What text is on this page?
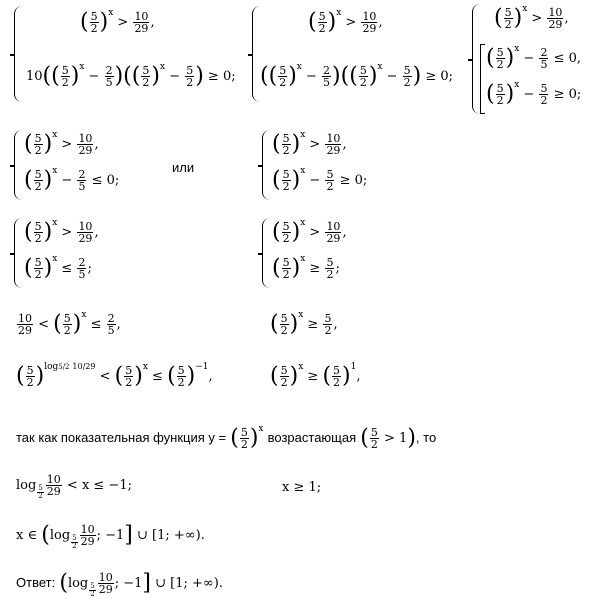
( $\frac{5}{2} )^x > \frac{10}{29}$ ,
$10(( \frac{5}{2} )^x - \frac{2}{5}$ )(( $\frac{5}{2} )^x - \frac{5}{2}$ ) ≥ 0;
( $\frac{5}{2} )^x > \frac{10}{29}$ ,
(( $\frac{5}{2} )^x - \frac{2}{5}$ )(( $\frac{5}{2} )^x - \frac{5}{2}$ ) ≥ 0;
( $\frac{5}{2} )^x > \frac{10}{29}$ ,
( $\frac{5}{2} )^x - \frac{2}{5} \le 0$,
( $\frac{5}{2} )^x - \frac{5}{2} \ge 0$;
( $\frac{5}{2} )^x > \frac{10}{29}$ ,
( $\frac{5}{2} )^x - \frac{2}{5} \le 0$;
или
( $\frac{5}{2} )^x > \frac{10}{29}$ ,
( $\frac{5}{2} )^x - \frac{5}{2} \ge 0$;
( $\frac{5}{2} )^x > \frac{10}{29}$ ,
( $\frac{5}{2} )^x \le \frac{2}{5}$ ;
( $\frac{5}{2} )^x > \frac{10}{29}$ ,
( $\frac{5}{2} )^x \ge \frac{5}{2}$ ;
$\frac{10}{29}$ < ( $\frac{5}{2} )^x \le \frac{2}{5}$ ,	( $\frac{5}{2} )^x \ge \frac{5}{2}$ ,
( $\frac{5}{2} )^{log5/2 10/29}$ < ( $\frac{5}{2} )^x$ ≤ ( $\frac{5}{2} )^{-1}$,	( $\frac{5}{2} )^x$ ≥ ( $\frac{5}{2} )^1$,
так как показательная функция y = ( $\frac{5}{2} )^x$ возрастающая ( $\frac{5}{2} > 1$), то
$\log _{\frac{5}{2}} \frac{10}{29} < x \le -1$;	x ≥ 1;
x ∈ (log $_{\frac{5}{2}} \frac{10}{29}$ ; −1] ∪ [1; +∞).
Ответ: (log $_{\frac{5}{2}} \frac{10}{29}$ ; −1] ∪ [1; +∞).
